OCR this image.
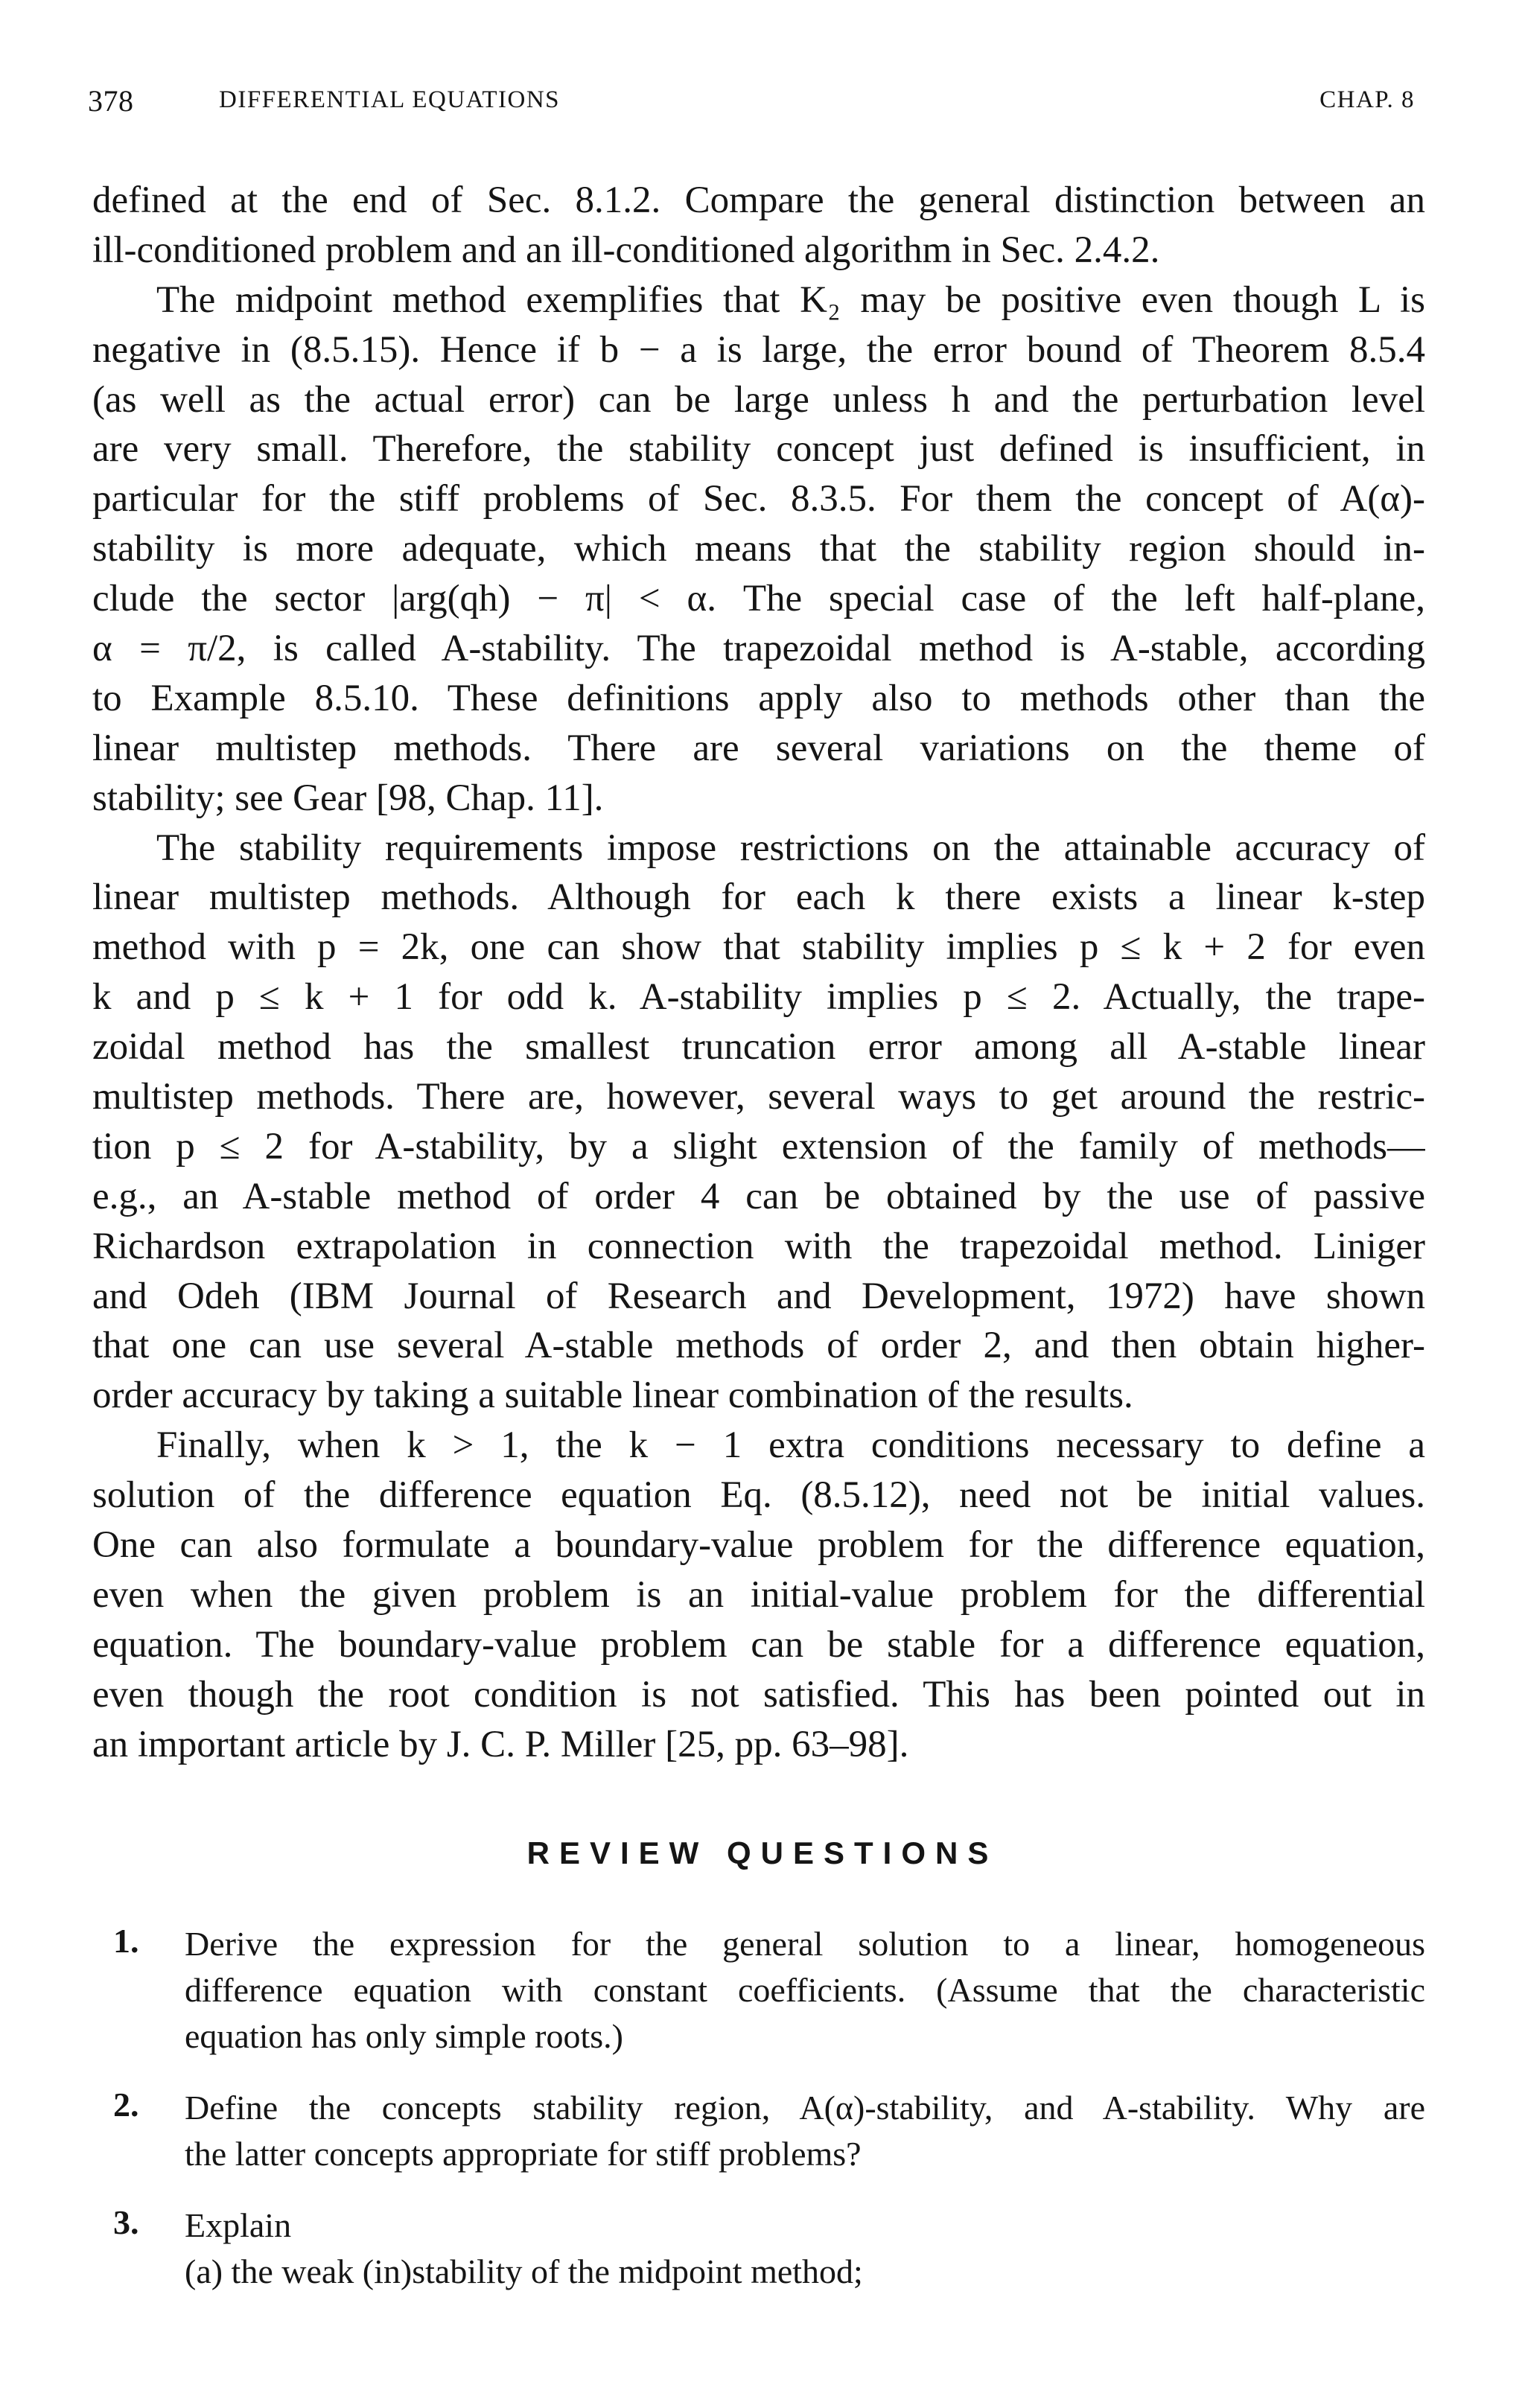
378	DIFFERENTIAL EQUATIONS	CHAP. 8
defined at the end of Sec. 8.1.2. Compare the general distinction between an
ill-conditioned problem and an ill-conditioned algorithm in Sec. 2.4.2.
The midpoint method exemplifies that K₂ may be positive even though L is
negative in (8.5.15). Hence if b − a is large, the error bound of Theorem 8.5.4
(as well as the actual error) can be large unless h and the perturbation level
are very small. Therefore, the stability concept just defined is insufficient, in
particular for the stiff problems of Sec. 8.3.5. For them the concept of A(α)-
stability is more adequate, which means that the stability region should in-
clude the sector |arg(qh) − π| < α. The special case of the left half-plane,
α = π/2, is called A-stability. The trapezoidal method is A-stable, according
to Example 8.5.10. These definitions apply also to methods other than the
linear multistep methods. There are several variations on the theme of
stability; see Gear [98, Chap. 11].
The stability requirements impose restrictions on the attainable accuracy of
linear multistep methods. Although for each k there exists a linear k-step
method with p = 2k, one can show that stability implies p ≤ k + 2 for even
k and p ≤ k + 1 for odd k. A-stability implies p ≤ 2. Actually, the trape-
zoidal method has the smallest truncation error among all A-stable linear
multistep methods. There are, however, several ways to get around the restric-
tion p ≤ 2 for A-stability, by a slight extension of the family of methods—
e.g., an A-stable method of order 4 can be obtained by the use of passive
Richardson extrapolation in connection with the trapezoidal method. Liniger
and Odeh (IBM Journal of Research and Development, 1972) have shown
that one can use several A-stable methods of order 2, and then obtain higher-
order accuracy by taking a suitable linear combination of the results.
Finally, when k > 1, the k − 1 extra conditions necessary to define a
solution of the difference equation Eq. (8.5.12), need not be initial values.
One can also formulate a boundary-value problem for the difference equation,
even when the given problem is an initial-value problem for the differential
equation. The boundary-value problem can be stable for a difference equation,
even though the root condition is not satisfied. This has been pointed out in
an important article by J. C. P. Miller [25, pp. 63–98].
REVIEW QUESTIONS
1. Derive the expression for the general solution to a linear, homogeneous
difference equation with constant coefficients. (Assume that the characteristic
equation has only simple roots.)
2. Define the concepts stability region, A(α)-stability, and A-stability. Why are
the latter concepts appropriate for stiff problems?
3. Explain
(a) the weak (in)stability of the midpoint method;
